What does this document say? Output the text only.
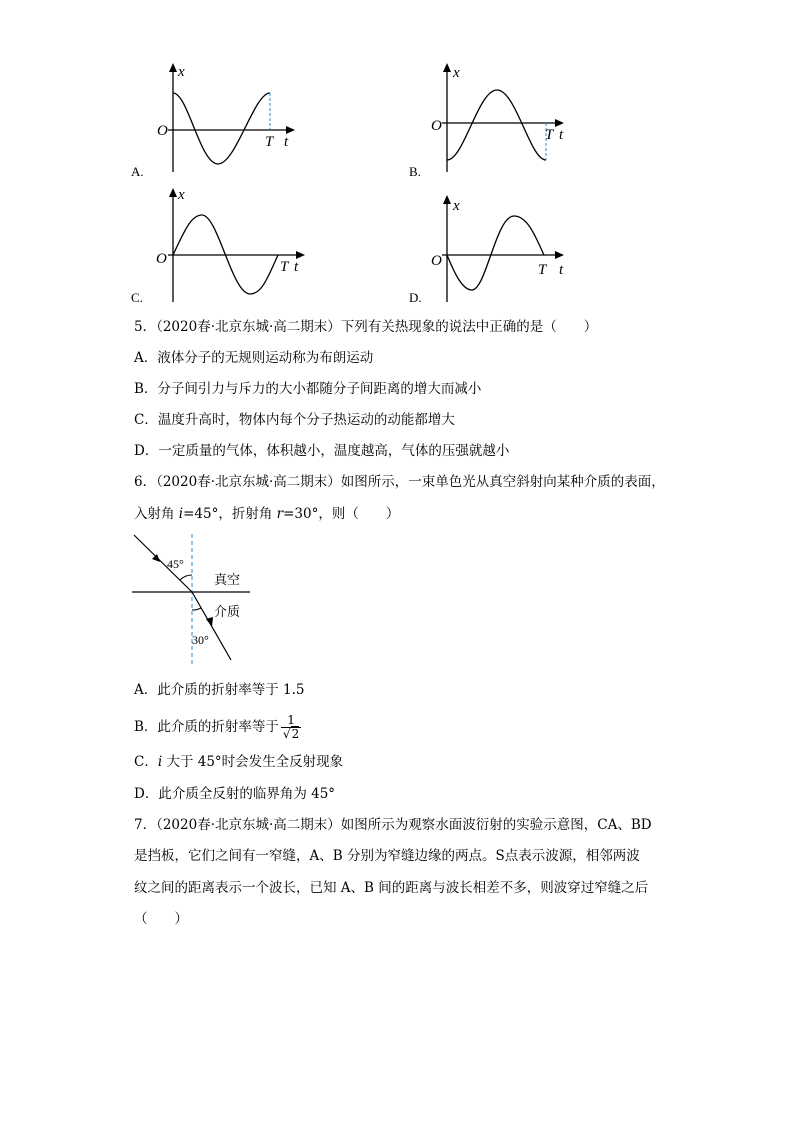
x
O
T t
A.
x
O
T t
B.
x
O	T t
C.
x
O
T t
D.
5．（2020春·北京东城·高二期末）下列有关热现象的说法中正确的是（　　）
A．液体分子的无规则运动称为布朗运动
B．分子间引力与斥力的大小都随分子间距离的增大而减小
C．温度升高时，物体内每个分子热运动的动能都增大
D．一定质量的气体，体积越小，温度越高，气体的压强就越小
6．（2020春·北京东城·高二期末）如图所示，一束单色光从真空斜射向某种介质的表面，
入射角 i=45°，折射角 r=30°，则（　　）
45°
30°
真空
介质
A．此介质的折射率等于 1.5
B．此介质的折射率等于 $\frac{1}{√2}$
C．i 大于 45°时会发生全反射现象
D．此介质全反射的临界角为 45°
7．（2020春·北京东城·高二期末）如图所示为观察水面波衍射的实验示意图，CA、BD
是挡板，它们之间有一窄缝，A、B 分别为窄缝边缘的两点。S点表示波源，相邻两波
纹之间的距离表示一个波长，已知 A、B 间的距离与波长相差不多，则波穿过窄缝之后
（　　）
